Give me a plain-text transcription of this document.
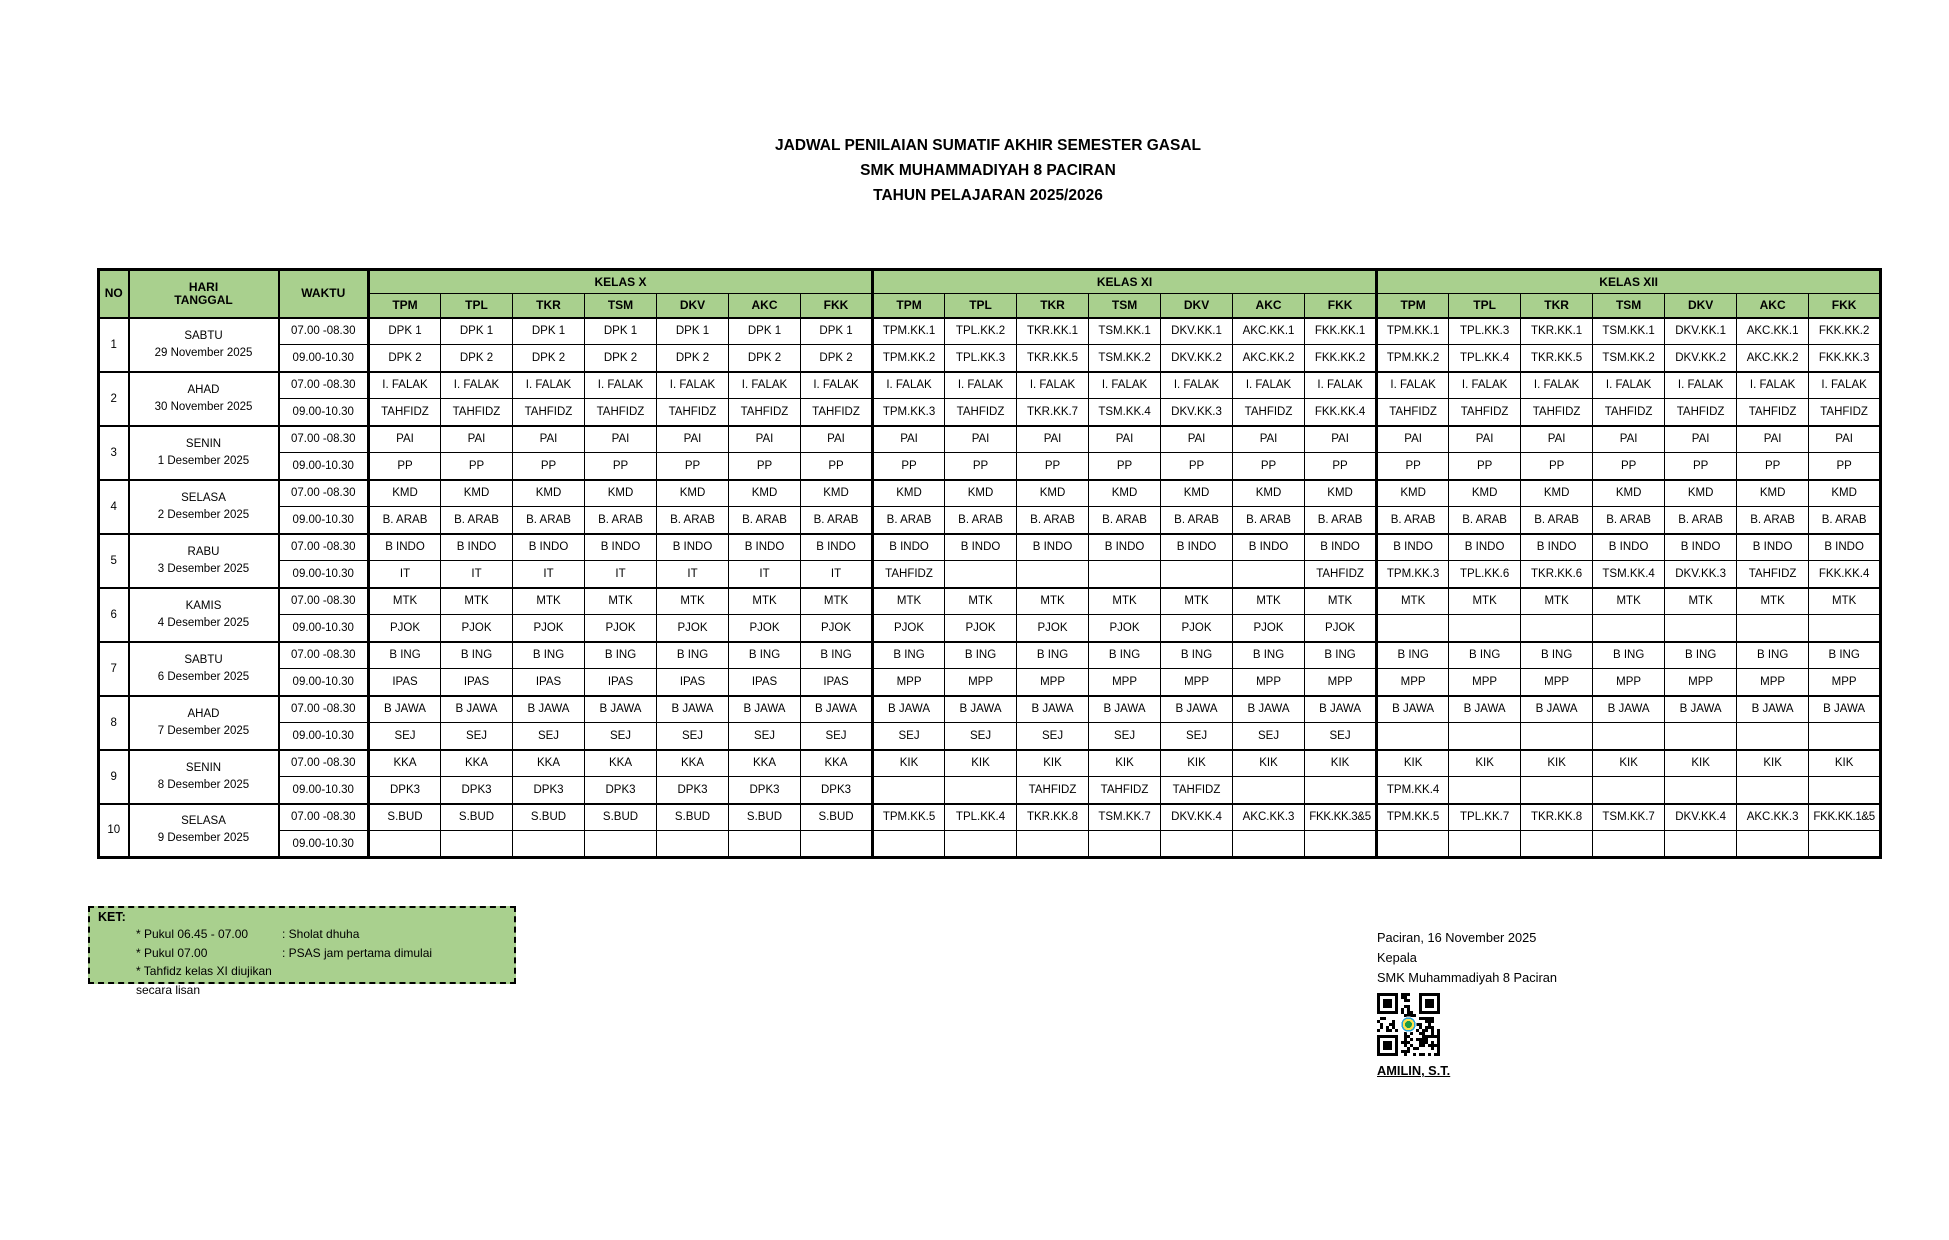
JADWAL PENILAIAN SUMATIF AKHIR SEMESTER GASAL
SMK MUHAMMADIYAH 8 PACIRAN
TAHUN PELAJARAN 2025/2026
NO	HARI
TANGGAL	WAKTU	KELAS X							KELAS XI							KELAS XII						
			TPM	TPL	TKR	TSM	DKV	AKC	FKK	TPM	TPL	TKR	TSM	DKV	AKC	FKK	TPM	TPL	TKR	TSM	DKV	AKC	FKK
1	SABTU
29 November 2025	07.00 -08.30	DPK 1	DPK 1	DPK 1	DPK 1	DPK 1	DPK 1	DPK 1	TPM.KK.1	TPL.KK.2	TKR.KK.1	TSM.KK.1	DKV.KK.1	AKC.KK.1	FKK.KK.1	TPM.KK.1	TPL.KK.3	TKR.KK.1	TSM.KK.1	DKV.KK.1	AKC.KK.1	FKK.KK.2
		09.00-10.30	DPK 2	DPK 2	DPK 2	DPK 2	DPK 2	DPK 2	DPK 2	TPM.KK.2	TPL.KK.3	TKR.KK.5	TSM.KK.2	DKV.KK.2	AKC.KK.2	FKK.KK.2	TPM.KK.2	TPL.KK.4	TKR.KK.5	TSM.KK.2	DKV.KK.2	AKC.KK.2	FKK.KK.3
2	AHAD
30 November 2025	07.00 -08.30	I. FALAK	I. FALAK	I. FALAK	I. FALAK	I. FALAK	I. FALAK	I. FALAK	I. FALAK	I. FALAK	I. FALAK	I. FALAK	I. FALAK	I. FALAK	I. FALAK	I. FALAK	I. FALAK	I. FALAK	I. FALAK	I. FALAK	I. FALAK	I. FALAK
		09.00-10.30	TAHFIDZ	TAHFIDZ	TAHFIDZ	TAHFIDZ	TAHFIDZ	TAHFIDZ	TAHFIDZ	TPM.KK.3	TAHFIDZ	TKR.KK.7	TSM.KK.4	DKV.KK.3	TAHFIDZ	FKK.KK.4	TAHFIDZ	TAHFIDZ	TAHFIDZ	TAHFIDZ	TAHFIDZ	TAHFIDZ	TAHFIDZ
3	SENIN
1 Desember 2025	07.00 -08.30	PAI	PAI	PAI	PAI	PAI	PAI	PAI	PAI	PAI	PAI	PAI	PAI	PAI	PAI	PAI	PAI	PAI	PAI	PAI	PAI	PAI
		09.00-10.30	PP	PP	PP	PP	PP	PP	PP	PP	PP	PP	PP	PP	PP	PP	PP	PP	PP	PP	PP	PP	PP
4	SELASA
2 Desember 2025	07.00 -08.30	KMD	KMD	KMD	KMD	KMD	KMD	KMD	KMD	KMD	KMD	KMD	KMD	KMD	KMD	KMD	KMD	KMD	KMD	KMD	KMD	KMD
		09.00-10.30	B. ARAB	B. ARAB	B. ARAB	B. ARAB	B. ARAB	B. ARAB	B. ARAB	B. ARAB	B. ARAB	B. ARAB	B. ARAB	B. ARAB	B. ARAB	B. ARAB	B. ARAB	B. ARAB	B. ARAB	B. ARAB	B. ARAB	B. ARAB	B. ARAB
5	RABU
3 Desember 2025	07.00 -08.30	B INDO	B INDO	B INDO	B INDO	B INDO	B INDO	B INDO	B INDO	B INDO	B INDO	B INDO	B INDO	B INDO	B INDO	B INDO	B INDO	B INDO	B INDO	B INDO	B INDO	B INDO
		09.00-10.30	IT	IT	IT	IT	IT	IT	IT	TAHFIDZ						TAHFIDZ	TPM.KK.3	TPL.KK.6	TKR.KK.6	TSM.KK.4	DKV.KK.3	TAHFIDZ	FKK.KK.4
6	KAMIS
4 Desember 2025	07.00 -08.30	MTK	MTK	MTK	MTK	MTK	MTK	MTK	MTK	MTK	MTK	MTK	MTK	MTK	MTK	MTK	MTK	MTK	MTK	MTK	MTK	MTK
		09.00-10.30	PJOK	PJOK	PJOK	PJOK	PJOK	PJOK	PJOK	PJOK	PJOK	PJOK	PJOK	PJOK	PJOK	PJOK							
7	SABTU
6 Desember 2025	07.00 -08.30	B ING	B ING	B ING	B ING	B ING	B ING	B ING	B ING	B ING	B ING	B ING	B ING	B ING	B ING	B ING	B ING	B ING	B ING	B ING	B ING	B ING
		09.00-10.30	IPAS	IPAS	IPAS	IPAS	IPAS	IPAS	IPAS	MPP	MPP	MPP	MPP	MPP	MPP	MPP	MPP	MPP	MPP	MPP	MPP	MPP	MPP
8	AHAD
7 Desember 2025	07.00 -08.30	B JAWA	B JAWA	B JAWA	B JAWA	B JAWA	B JAWA	B JAWA	B JAWA	B JAWA	B JAWA	B JAWA	B JAWA	B JAWA	B JAWA	B JAWA	B JAWA	B JAWA	B JAWA	B JAWA	B JAWA	B JAWA
		09.00-10.30	SEJ	SEJ	SEJ	SEJ	SEJ	SEJ	SEJ	SEJ	SEJ	SEJ	SEJ	SEJ	SEJ	SEJ							
9	SENIN
8 Desember 2025	07.00 -08.30	KKA	KKA	KKA	KKA	KKA	KKA	KKA	KIK	KIK	KIK	KIK	KIK	KIK	KIK	KIK	KIK	KIK	KIK	KIK	KIK	KIK
		09.00-10.30	DPK3	DPK3	DPK3	DPK3	DPK3	DPK3	DPK3			TAHFIDZ	TAHFIDZ	TAHFIDZ			TPM.KK.4						
10	SELASA
9 Desember 2025	07.00 -08.30	S.BUD	S.BUD	S.BUD	S.BUD	S.BUD	S.BUD	S.BUD	TPM.KK.5	TPL.KK.4	TKR.KK.8	TSM.KK.7	DKV.KK.4	AKC.KK.3	FKK.KK.3&5	TPM.KK.5	TPL.KK.7	TKR.KK.8	TSM.KK.7	DKV.KK.4	AKC.KK.3	FKK.KK.1&5
		09.00-10.30																					
KET:
* Pukul 06.45 - 07.00	: Sholat dhuha
* Pukul 07.00	: PSAS jam pertama dimulai
* Tahfidz kelas XI diujikan secara lisan
Paciran, 16 November 2025
Kepala
SMK Muhammadiyah 8 Paciran
AMILIN, S.T.
